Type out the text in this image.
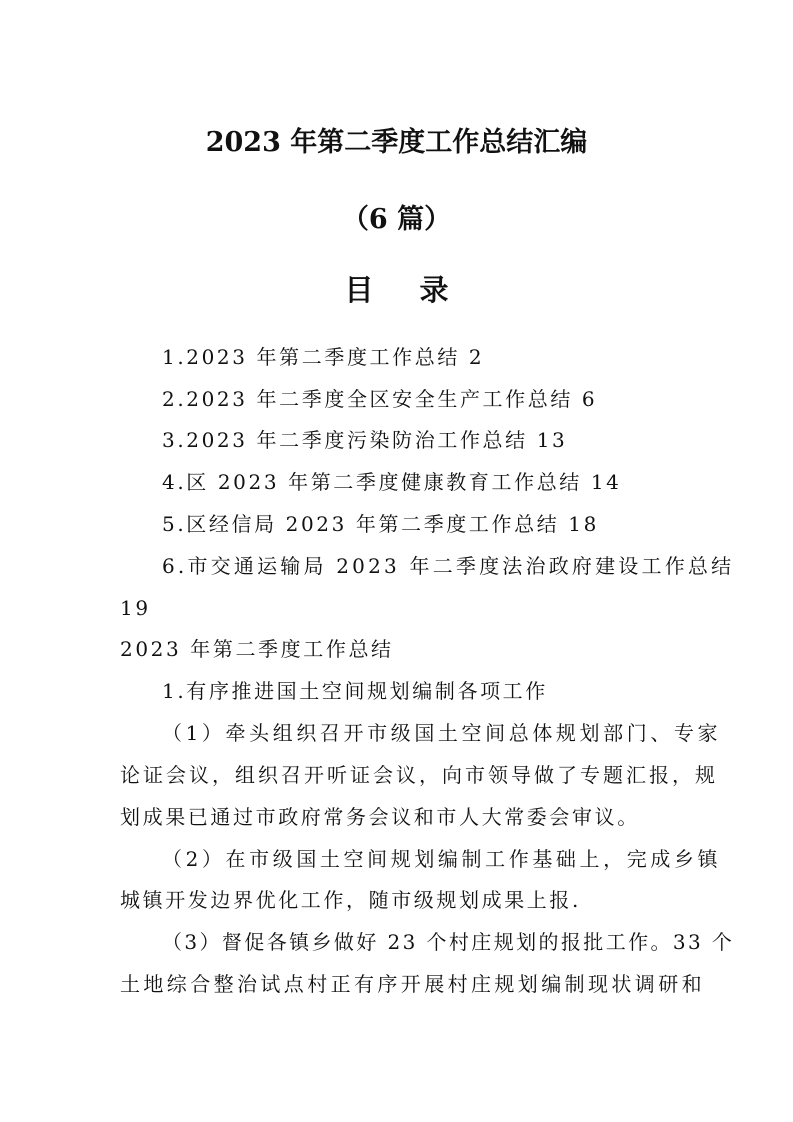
2023 年第二季度工作总结汇编
（6 篇）
目 录
1.2023 年第二季度工作总结 2
2.2023 年二季度全区安全生产工作总结 6
3.2023 年二季度污染防治工作总结 13
4.区 2023 年第二季度健康教育工作总结 14
5.区经信局 2023 年第二季度工作总结 18
6.市交通运输局 2023 年二季度法治政府建设工作总结
19
2023 年第二季度工作总结
1.有序推进国土空间规划编制各项工作
（1）牵头组织召开市级国土空间总体规划部门、专家
论证会议，组织召开听证会议，向市领导做了专题汇报，规
划成果已通过市政府常务会议和市人大常委会审议。
（2）在市级国土空间规划编制工作基础上，完成乡镇
城镇开发边界优化工作，随市级规划成果上报.
（3）督促各镇乡做好 23 个村庄规划的报批工作。33 个
土地综合整治试点村正有序开展村庄规划编制现状调研和
